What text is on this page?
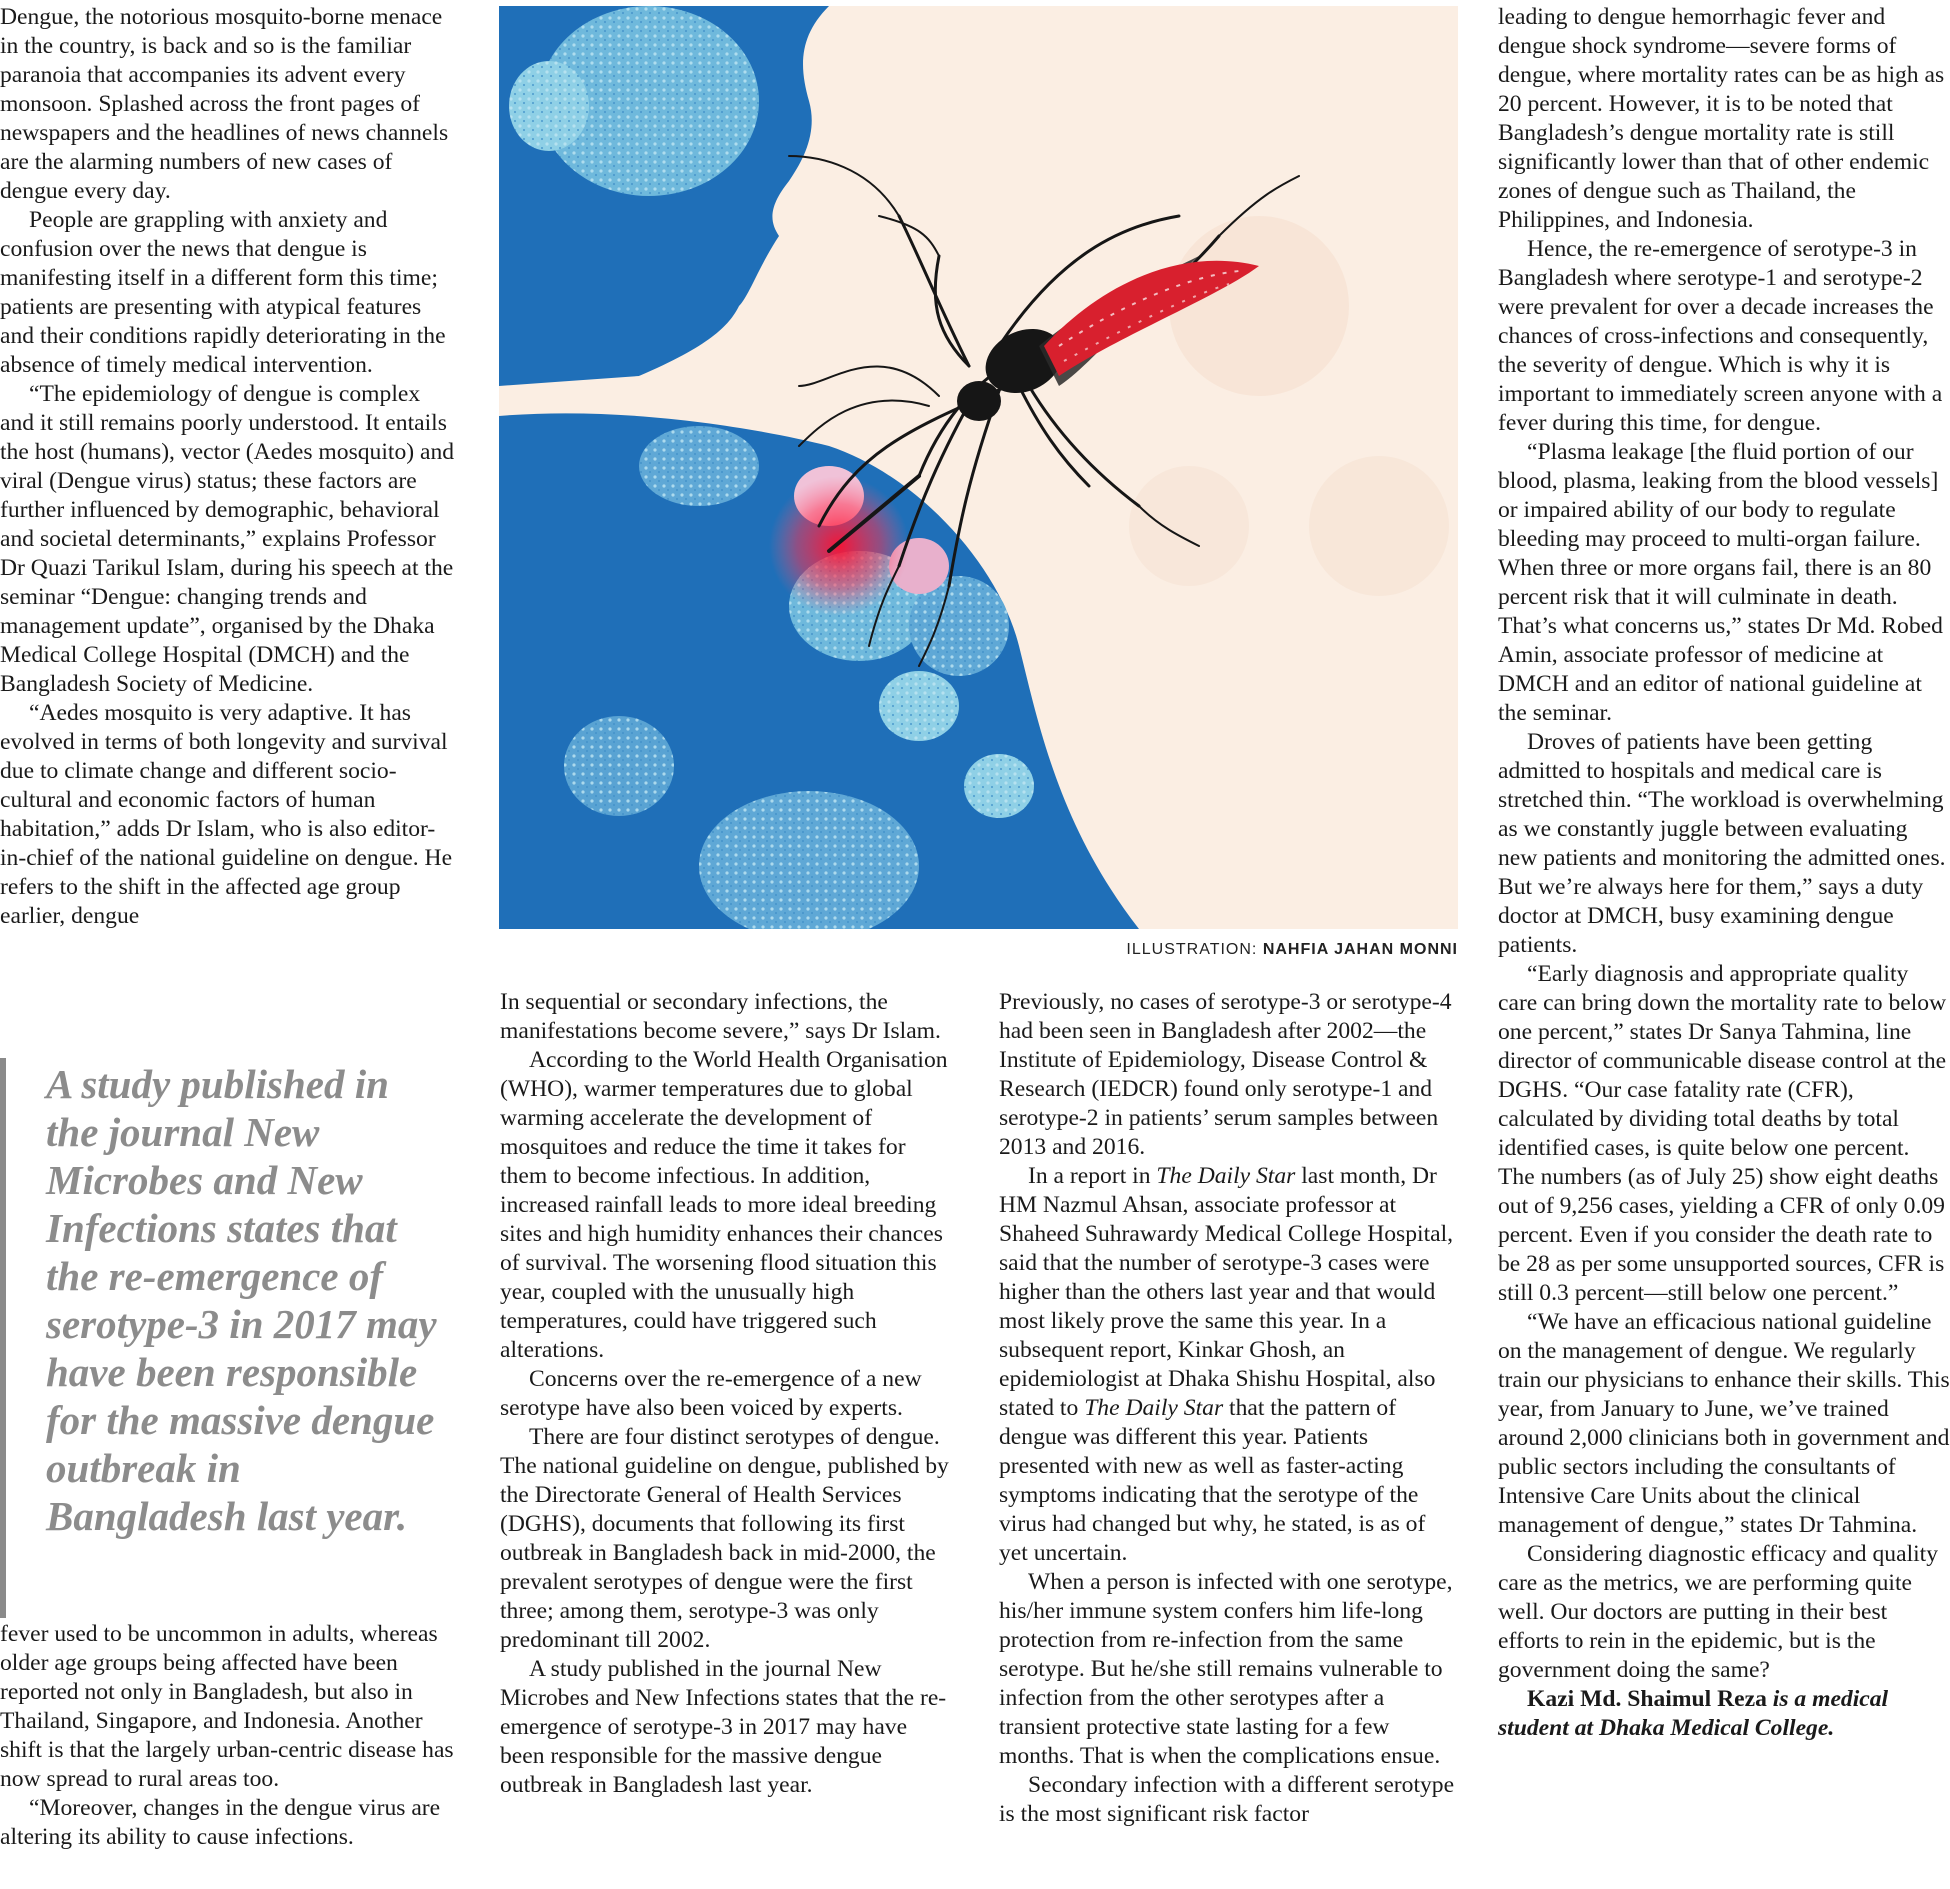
Dengue, the notorious mosquito-borne menace in the country, is back and so is the familiar paranoia that accompanies its advent every monsoon. Splashed across the front pages of newspapers and the headlines of news channels are the alarming numbers of new cases of dengue every day.

People are grappling with anxiety and confusion over the news that dengue is manifesting itself in a different form this time; patients are presenting with atypical features and their conditions rapidly deteriorating in the absence of timely medical intervention.

“The epidemiology of dengue is complex and it still remains poorly understood. It entails the host (humans), vector (Aedes mosquito) and viral (Dengue virus) status; these factors are further influenced by demographic, behavioral and societal determinants,” explains Professor Dr Quazi Tarikul Islam, during his speech at the seminar “Dengue: changing trends and management update”, organised by the Dhaka Medical College Hospital (DMCH) and the Bangladesh Society of Medicine.

“Aedes mosquito is very adaptive. It has evolved in terms of both longevity and survival due to climate change and different socio-cultural and economic factors of human habitation,” adds Dr Islam, who is also editor-in-chief of the national guideline on dengue. He refers to the shift in the affected age group earlier, dengue

A study published in the journal New Microbes and New Infections states that the re-emergence of serotype-3 in 2017 may have been responsible for the massive dengue outbreak in Bangladesh last year.

fever used to be uncommon in adults, whereas older age groups being affected have been reported not only in Bangladesh, but also in Thailand, Singapore, and Indonesia. Another shift is that the largely urban-centric disease has now spread to rural areas too.

“Moreover, changes in the dengue virus are altering its ability to cause infections.

ILLUSTRATION: NAHFIA JAHAN MONNI

In sequential or secondary infections, the manifestations become severe,” says Dr Islam.

According to the World Health Organisation (WHO), warmer temperatures due to global warming accelerate the development of mosquitoes and reduce the time it takes for them to become infectious. In addition, increased rainfall leads to more ideal breeding sites and high humidity enhances their chances of survival. The worsening flood situation this year, coupled with the unusually high temperatures, could have triggered such alterations.

Concerns over the re-emergence of a new serotype have also been voiced by experts.

There are four distinct serotypes of dengue. The national guideline on dengue, published by the Directorate General of Health Services (DGHS), documents that following its first outbreak in Bangladesh back in mid-2000, the prevalent serotypes of dengue were the first three; among them, serotype-3 was only predominant till 2002.

A study published in the journal New Microbes and New Infections states that the re-emergence of serotype-3 in 2017 may have been responsible for the massive dengue outbreak in Bangladesh last year.

Previously, no cases of serotype-3 or serotype-4 had been seen in Bangladesh after 2002—the Institute of Epidemiology, Disease Control & Research (IEDCR) found only serotype-1 and serotype-2 in patients’ serum samples between 2013 and 2016.

In a report in The Daily Star last month, Dr HM Nazmul Ahsan, associate professor at Shaheed Suhrawardy Medical College Hospital, said that the number of serotype-3 cases were higher than the others last year and that would most likely prove the same this year. In a subsequent report, Kinkar Ghosh, an epidemiologist at Dhaka Shishu Hospital, also stated to The Daily Star that the pattern of dengue was different this year. Patients presented with new as well as faster-acting symptoms indicating that the serotype of the virus had changed but why, he stated, is as of yet uncertain.

When a person is infected with one serotype, his/her immune system confers him life-long protection from re-infection from the same serotype. But he/she still remains vulnerable to infection from the other serotypes after a transient protective state lasting for a few months. That is when the complications ensue.

Secondary infection with a different serotype is the most significant risk factor

leading to dengue hemorrhagic fever and dengue shock syndrome—severe forms of dengue, where mortality rates can be as high as 20 percent. However, it is to be noted that Bangladesh’s dengue mortality rate is still significantly lower than that of other endemic zones of dengue such as Thailand, the Philippines, and Indonesia.

Hence, the re-emergence of serotype-3 in Bangladesh where serotype-1 and serotype-2 were prevalent for over a decade increases the chances of cross-infections and consequently, the severity of dengue. Which is why it is important to immediately screen anyone with a fever during this time, for dengue.

“Plasma leakage [the fluid portion of our blood, plasma, leaking from the blood vessels] or impaired ability of our body to regulate bleeding may proceed to multi-organ failure. When three or more organs fail, there is an 80 percent risk that it will culminate in death. That’s what concerns us,” states Dr Md. Robed Amin, associate professor of medicine at DMCH and an editor of national guideline at the seminar.

Droves of patients have been getting admitted to hospitals and medical care is stretched thin. “The workload is overwhelming as we constantly juggle between evaluating new patients and monitoring the admitted ones. But we’re always here for them,” says a duty doctor at DMCH, busy examining dengue patients.

“Early diagnosis and appropriate quality care can bring down the mortality rate to below one percent,” states Dr Sanya Tahmina, line director of communicable disease control at the DGHS. “Our case fatality rate (CFR), calculated by dividing total deaths by total identified cases, is quite below one percent. The numbers (as of July 25) show eight deaths out of 9,256 cases, yielding a CFR of only 0.09 percent. Even if you consider the death rate to be 28 as per some unsupported sources, CFR is still 0.3 percent—still below one percent.”

“We have an efficacious national guideline on the management of dengue. We regularly train our physicians to enhance their skills. This year, from January to June, we’ve trained around 2,000 clinicians both in government and public sectors including the consultants of Intensive Care Units about the clinical management of dengue,” states Dr Tahmina.

Considering diagnostic efficacy and quality care as the metrics, we are performing quite well. Our doctors are putting in their best efforts to rein in the epidemic, but is the government doing the same?

Kazi Md. Shaimul Reza is a medical student at Dhaka Medical College.
